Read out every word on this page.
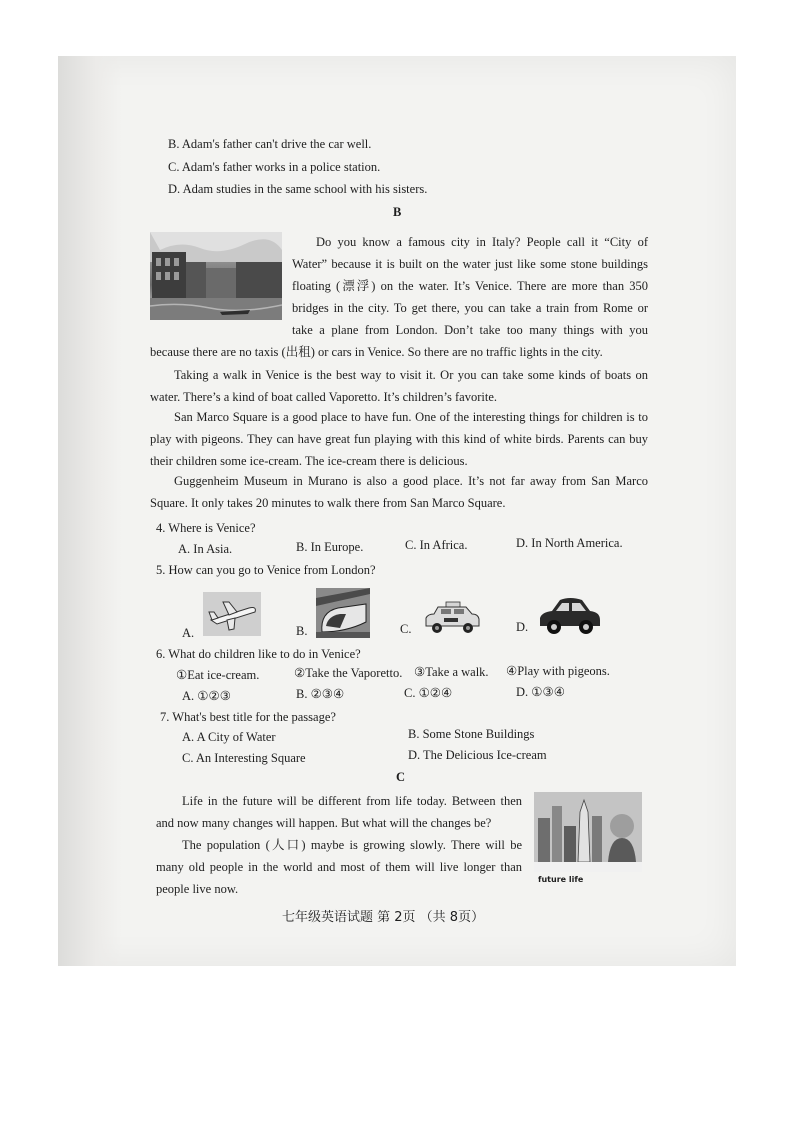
B. Adam's father can't drive the car well.
C. Adam's father works in a police station.
D. Adam studies in the same school with his sisters.
B
Do you know a famous city in Italy? People call it “City of Water” because it is built on the water just like some stone buildings floating (漂浮) on the water. It’s Venice. There are more than 350 bridges in the city. To get there, you can take a train from Rome or take a plane from London. Don’t take too many things with you because there are no taxis (出租) or cars in Venice. So there are no traffic lights in the city.
Taking a walk in Venice is the best way to visit it. Or you can take some kinds of boats on water. There’s a kind of boat called Vaporetto. It’s children’s favorite.
San Marco Square is a good place to have fun. One of the interesting things for children is to play with pigeons. They can have great fun playing with this kind of white birds. Parents can buy their children some ice-cream. The ice-cream there is delicious.
Guggenheim Museum in Murano is also a good place. It’s not far away from San Marco Square. It only takes 20 minutes to walk there from San Marco Square.
4. Where is Venice?
A. In Asia.	B. In Europe.	C. In Africa.	D. In North America.
5. How can you go to Venice from London?
A.	B.	C.	D.
6. What do children like to do in Venice?
①Eat ice-cream.	②Take the Vaporetto. ③Take a walk. ④Play with pigeons.
A. ①②③	B. ②③④	C. ①②④	D. ①③④
7. What's best title for the passage?
A. A City of Water	B. Some Stone Buildings
C. An Interesting Square	D. The Delicious Ice-cream
C
Life in the future will be different from life today. Between then and now many changes will happen. But what will the changes be?
The population (人口) maybe is growing slowly. There will be many old people in the world and most of them will live longer than people live now.
future life
七年级英语试题 第 2页 （共 8页）
